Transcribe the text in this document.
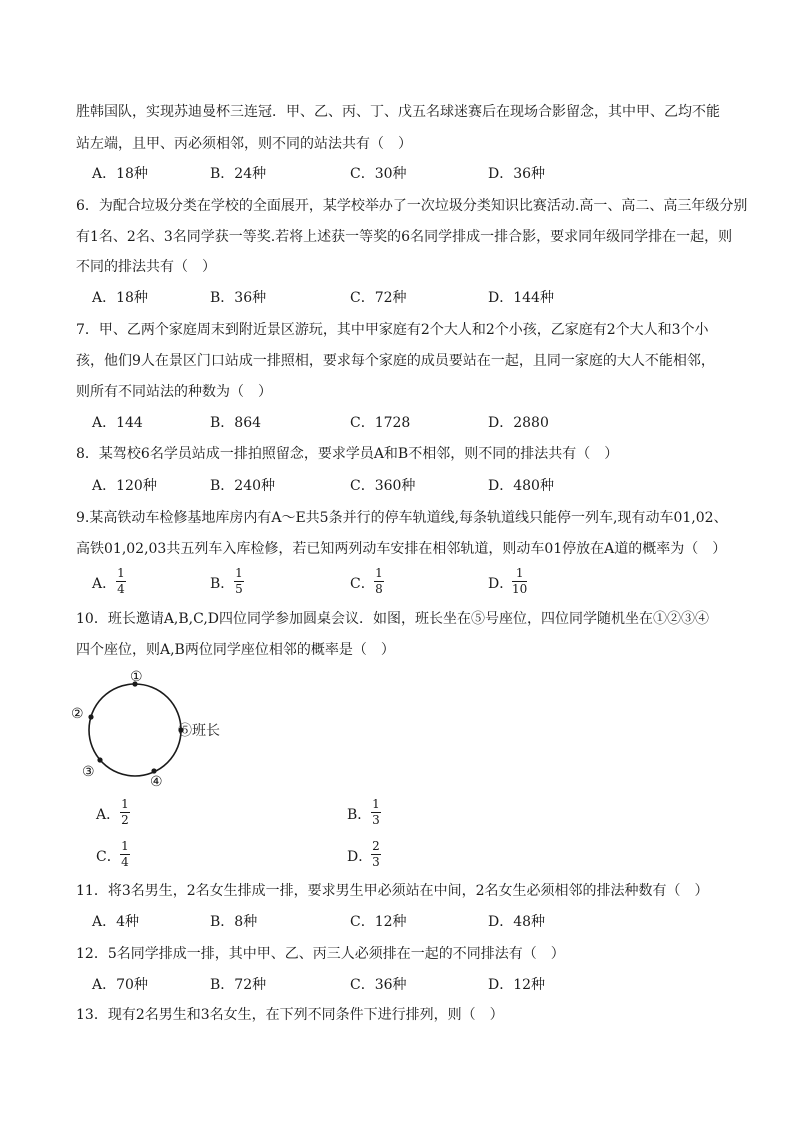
胜韩国队，实现苏迪曼杯三连冠．甲、乙、丙、丁、戊五名球迷赛后在现场合影留念，其中甲、乙均不能
站左端，且甲、丙必须相邻，则不同的站法共有（　）
A．18种	B．24种	C．30种	D．36种
6．为配合垃圾分类在学校的全面展开，某学校举办了一次垃圾分类知识比赛活动.高一、高二、高三年级分别
有1名、2名、3名同学获一等奖.若将上述获一等奖的6名同学排成一排合影，要求同年级同学排在一起，则
不同的排法共有（　）
A．18种	B．36种	C．72种	D．144种
7．甲、乙两个家庭周末到附近景区游玩，其中甲家庭有2个大人和2个小孩，乙家庭有2个大人和3个小
孩，他们9人在景区门口站成一排照相，要求每个家庭的成员要站在一起，且同一家庭的大人不能相邻，
则所有不同站法的种数为（　）
A．144	B．864	C．1728	D．2880
8．某驾校6名学员站成一排拍照留念，要求学员A和B不相邻，则不同的排法共有（　）
A．120种	B．240种	C．360种	D．480种
9.某高铁动车检修基地库房内有A～E共5条并行的停车轨道线,每条轨道线只能停一列车,现有动车01,02、
高铁01,02,03共五列车入库检修，若已知两列动车安排在相邻轨道，则动车01停放在A道的概率为（　）
A．
1
4	B．
1
5	C．
1
8	D．
1
10
10．班长邀请A,B,C,D四位同学参加圆桌会议．如图，班长坐在⑤号座位，四位同学随机坐在①②③④
四个座位，则A,B两位同学座位相邻的概率是（　）
①
②
③
④
⑤班长
A．
1
2	B．
1
3
C．
1
4	D．
2
3
11．将3名男生，2名女生排成一排，要求男生甲必须站在中间，2名女生必须相邻的排法种数有（　）
A．4种	B．8种	C．12种	D．48种
12．5名同学排成一排，其中甲、乙、丙三人必须排在一起的不同排法有（　）
A．70种	B．72种	C．36种	D．12种
13．现有2名男生和3名女生，在下列不同条件下进行排列，则（　）
